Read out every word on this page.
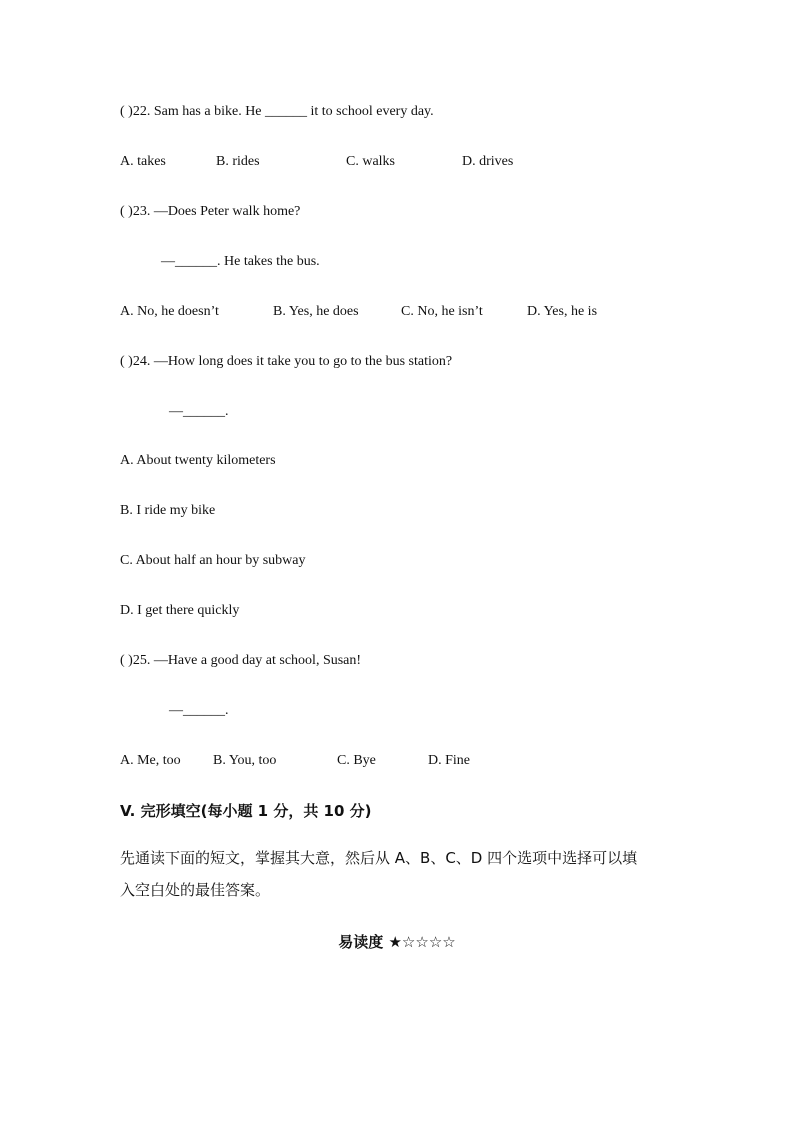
( )22. Sam has a bike. He ______ it to school every day.
A. takes	B. rides	C. walks	D. drives
( )23. —Does Peter walk home?
—______. He takes the bus.
A. No, he doesn’t	B. Yes, he does	C. No, he isn’t	D. Yes, he is
( )24. —How long does it take you to go to the bus station?
—______.
A. About twenty kilometers
B. I ride my bike
C. About half an hour by subway
D. I get there quickly
( )25. —Have a good day at school, Susan!
—______.
A. Me, too B. You, too	C. Bye	D. Fine
V. 完形填空(每小题 1 分，共 10 分)
先通读下面的短文，掌握其大意，然后从 A、B、C、D 四个选项中选择可以填
入空白处的最佳答案。
易读度 ★☆☆☆☆
